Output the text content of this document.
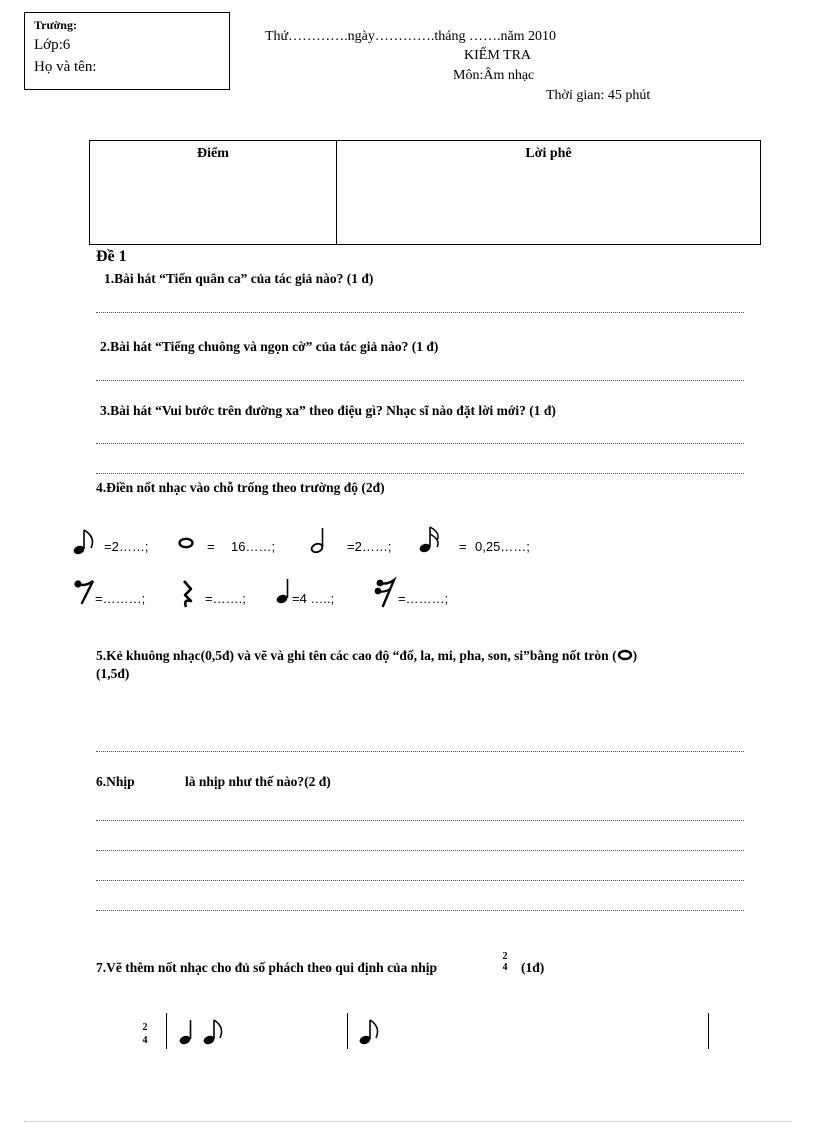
Trường:
Lớp:6
Họ và tên:
Thứ………….ngày………….tháng …….năm 2010
KIỂM TRA
Môn:Âm nhạc
Thời gian: 45 phút
Điểm	Lời phê
Đề 1
1.Bài hát “Tiến quân ca” của tác giả nào? (1 đ)
2.Bài hát “Tiếng chuông và ngọn cờ” của tác giả nào? (1 đ)
3.Bài hát “Vui bước trên đường xa” theo điệu gì? Nhạc sĩ nào đặt lời mới? (1 đ)
4.Điền nốt nhạc vào chỗ trống theo trường độ (2đ)
=2……;	= 16……;	=2……;	= 0,25……;
=………;	=…….;	=4 …..;	=………;
5.Kẻ khuông nhạc(0,5đ) và vẽ và ghi tên các cao độ “đố, la, mi, pha, son, si”bằng nốt tròn ( )
(1,5đ)
6.Nhịp	là nhịp như thế nào?(2 đ)
7.Vẽ thêm nốt nhạc cho đủ số phách theo qui định của nhịp
2
4	(1đ)
2
4
